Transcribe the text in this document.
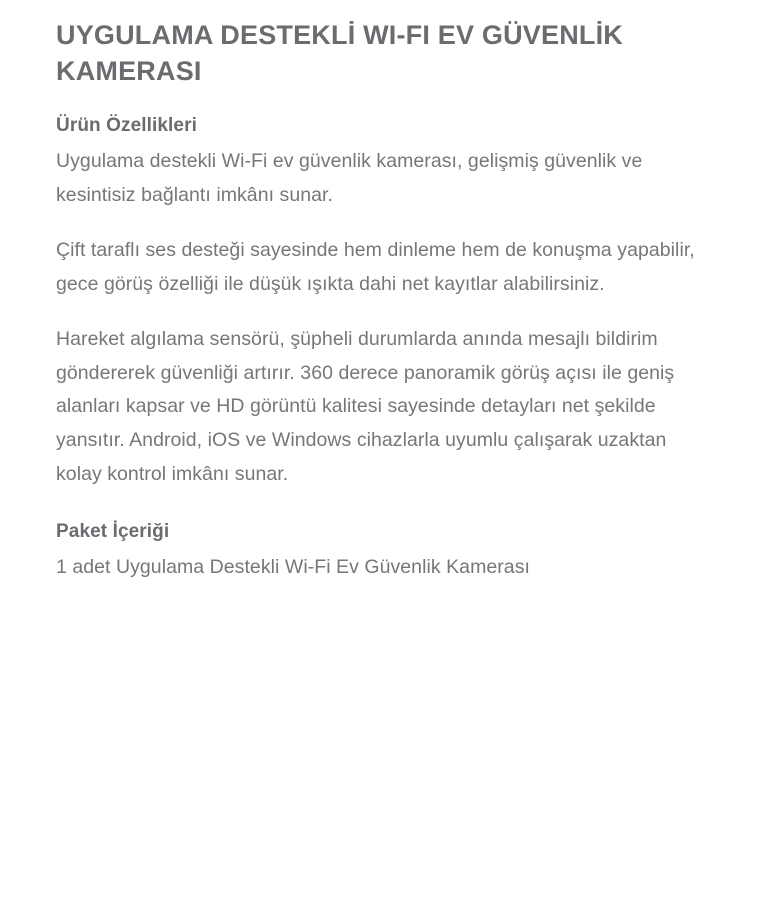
UYGULAMA DESTEKLİ WI-FI EV GÜVENLİK KAMERASI
Ürün Özellikleri

Uygulama destekli Wi-Fi ev güvenlik kamerası, gelişmiş güvenlik ve kesintisiz bağlantı imkânı sunar.

Çift taraflı ses desteği sayesinde hem dinleme hem de konuşma yapabilir, gece görüş özelliği ile düşük ışıkta dahi net kayıtlar alabilirsiniz.

Hareket algılama sensörü, şüpheli durumlarda anında mesajlı bildirim göndererek güvenliği artırır. 360 derece panoramik görüş açısı ile geniş alanları kapsar ve HD görüntü kalitesi sayesinde detayları net şekilde yansıtır. Android, iOS ve Windows cihazlarla uyumlu çalışarak uzaktan kolay kontrol imkânı sunar.

Paket İçeriği

1 adet Uygulama Destekli Wi-Fi Ev Güvenlik Kamerası
